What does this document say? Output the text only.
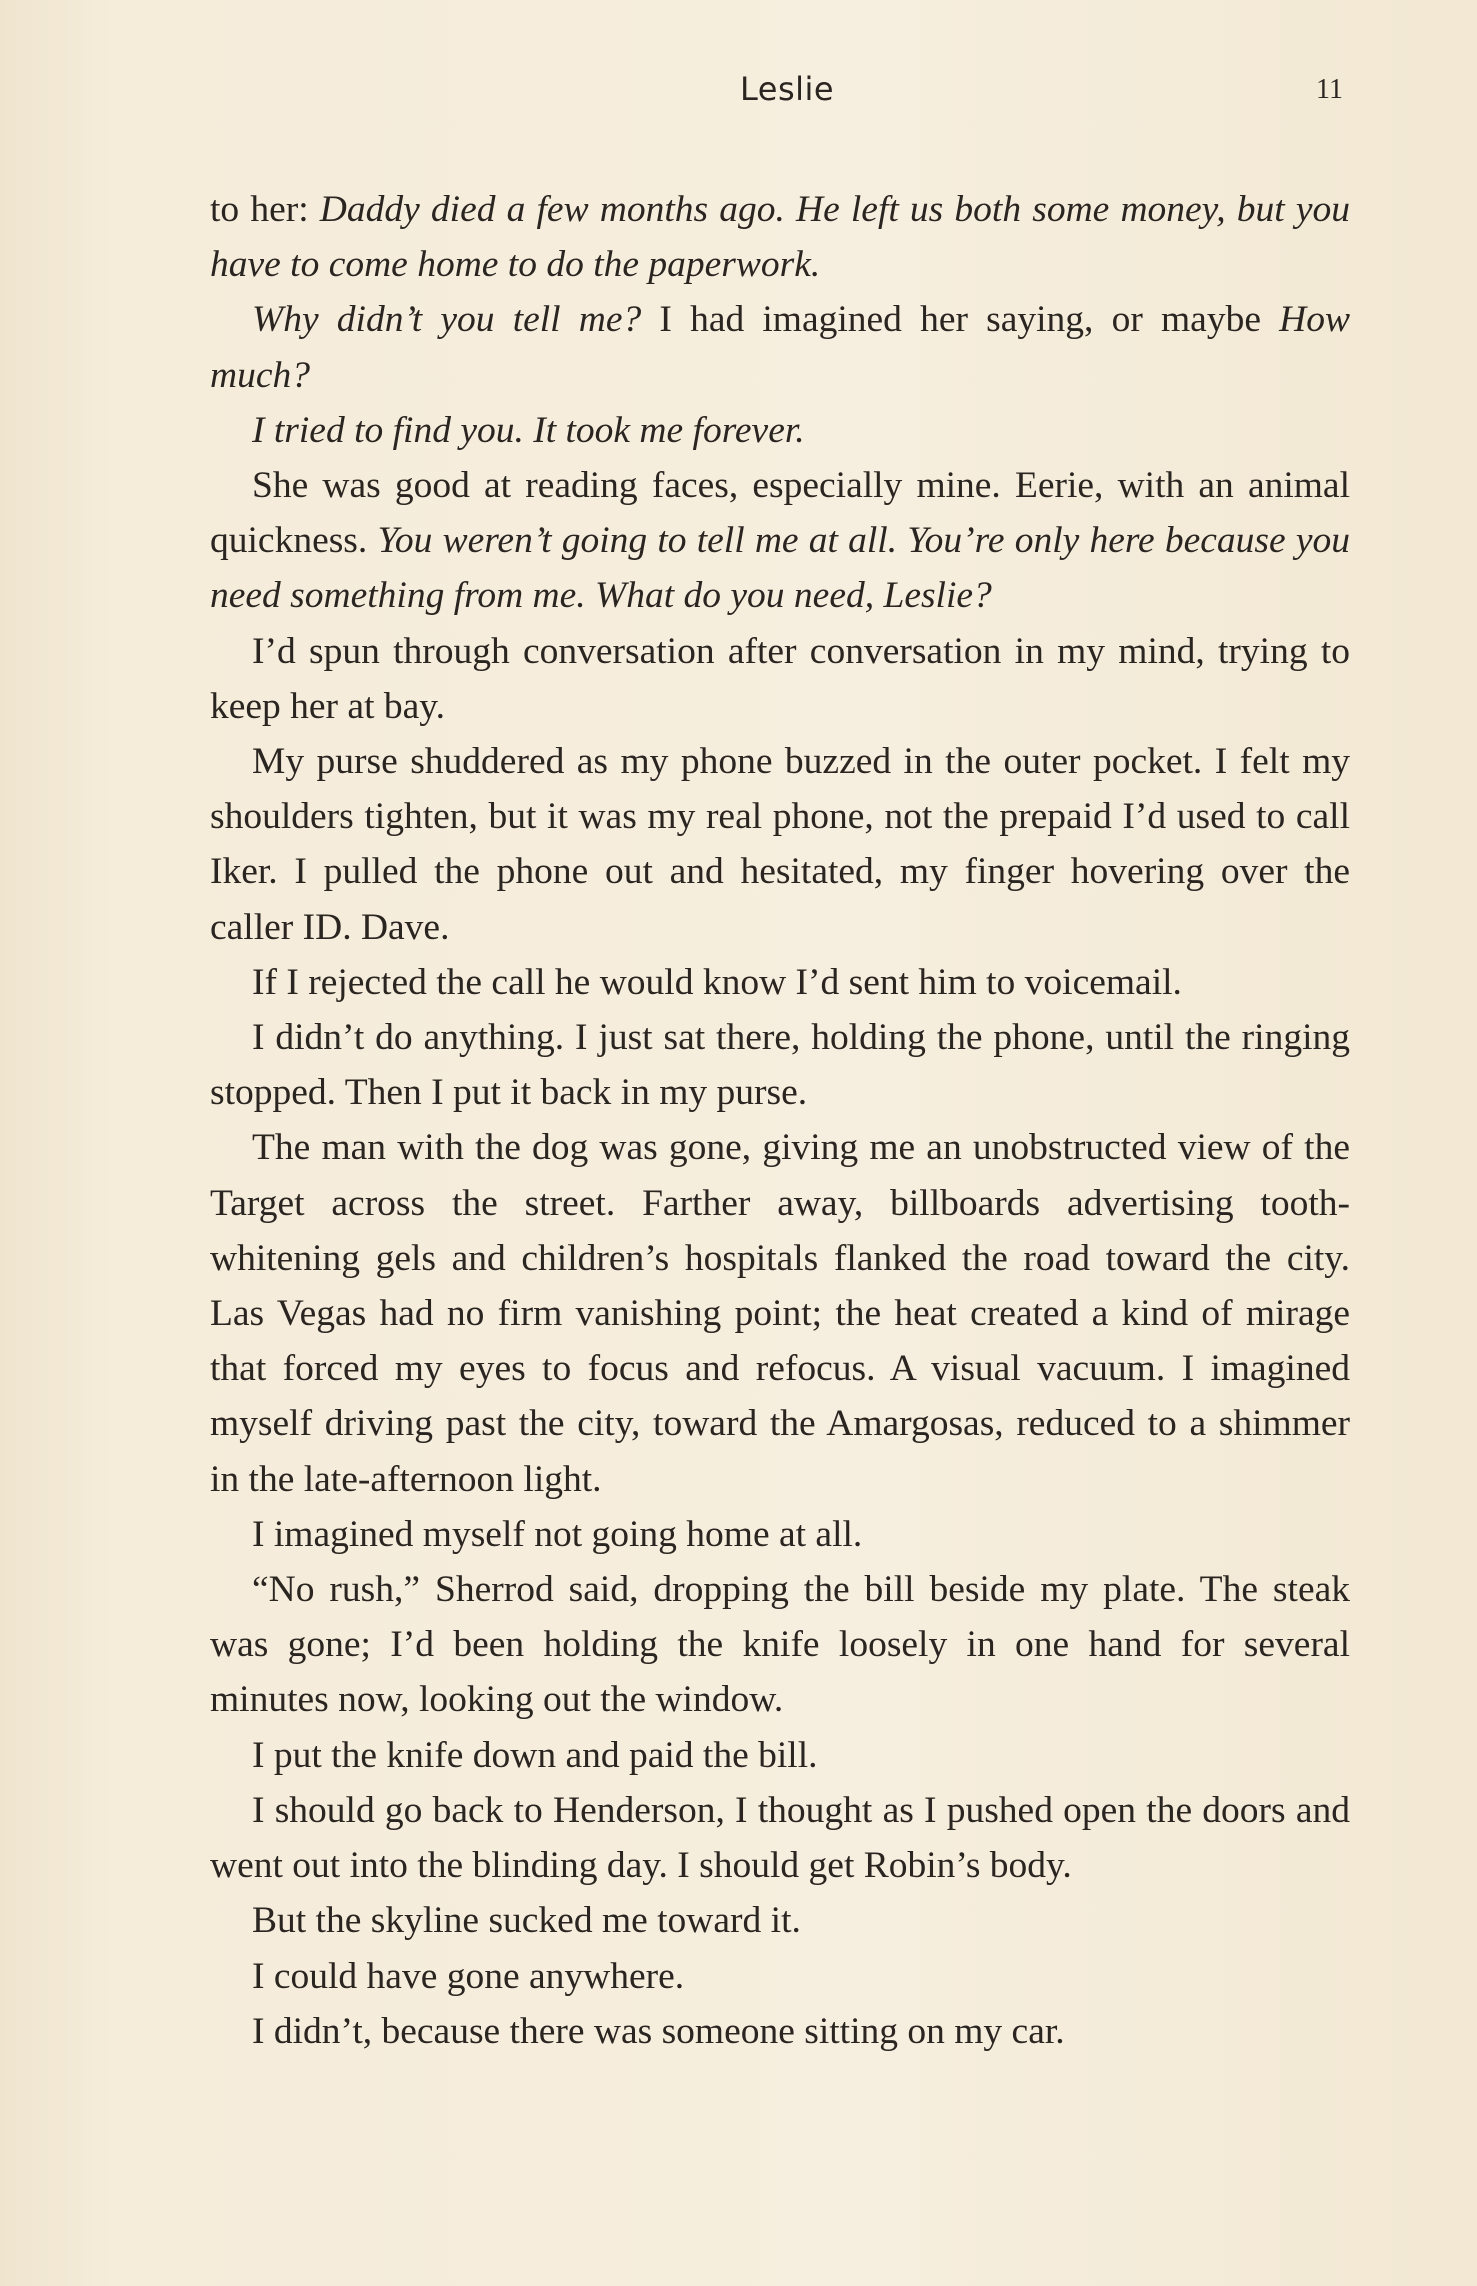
Leslie	11

to her: Daddy died a few months ago. He left us both some money, but you have to come home to do the paperwork.

Why didn’t you tell me? I had imagined her saying, or maybe How much?

I tried to find you. It took me forever.

She was good at reading faces, especially mine. Eerie, with an animal quickness. You weren’t going to tell me at all. You’re only here because you need something from me. What do you need, Leslie?

I’d spun through conversation after conversation in my mind, trying to keep her at bay.

My purse shuddered as my phone buzzed in the outer pocket. I felt my shoulders tighten, but it was my real phone, not the prepaid I’d used to call Iker. I pulled the phone out and hesitated, my finger hovering over the caller ID. Dave.

If I rejected the call he would know I’d sent him to voicemail.

I didn’t do anything. I just sat there, holding the phone, until the ringing stopped. Then I put it back in my purse.

The man with the dog was gone, giving me an unobstructed view of the Target across the street. Farther away, billboards advertising tooth-whitening gels and children’s hospitals flanked the road toward the city. Las Vegas had no firm vanishing point; the heat created a kind of mirage that forced my eyes to focus and refocus. A visual vacuum. I imagined myself driving past the city, toward the Amargosas, reduced to a shimmer in the late-afternoon light.

I imagined myself not going home at all.

“No rush,” Sherrod said, dropping the bill beside my plate. The steak was gone; I’d been holding the knife loosely in one hand for several minutes now, looking out the window.

I put the knife down and paid the bill.

I should go back to Henderson, I thought as I pushed open the doors and went out into the blinding day. I should get Robin’s body.

But the skyline sucked me toward it.

I could have gone anywhere.

I didn’t, because there was someone sitting on my car.
